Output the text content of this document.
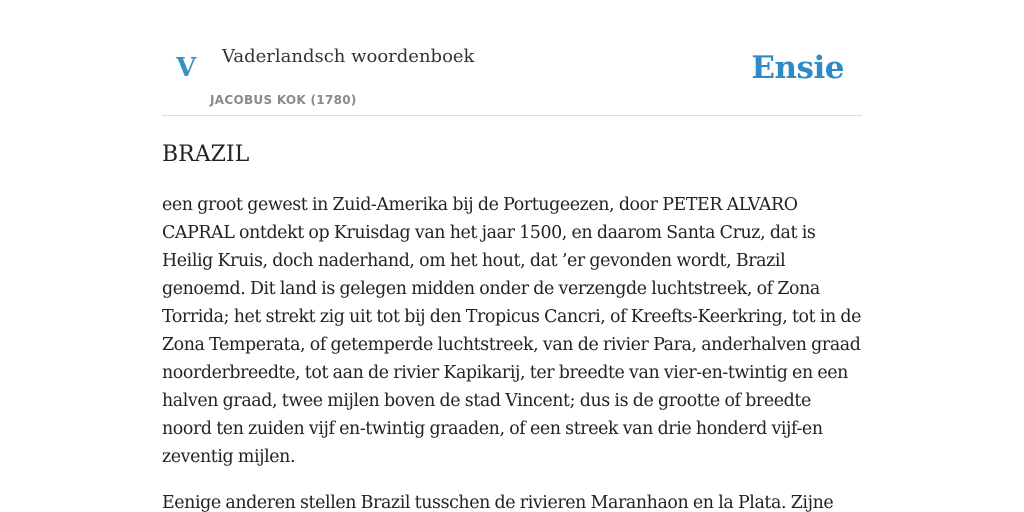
V Vaderlandsch woordenboek
JACOBUS KOK (1780)
Ensie
BRAZIL

een groot gewest in Zuid-Amerika bij de Portugeezen, door PETER ALVARO CAPRAL ontdekt op Kruisdag van het jaar 1500, en daarom Santa Cruz, dat is Heilig Kruis, doch naderhand, om het hout, dat ’er gevonden wordt, Brazil genoemd. Dit land is gelegen midden onder de verzengde luchtstreek, of Zona Torrida; het strekt zig uit tot bij den Tropicus Cancri, of Kreefts-Keerkring, tot in de Zona Temperata, of getemperde luchtstreek, van de rivier Para, anderhalven graad noorderbreedte, tot aan de rivier Kapikarij, ter breedte van vier-en-twintig en een halven graad, twee mijlen boven de stad Vincent; dus is de grootte of breedte noord ten zuiden vijf en-twintig graaden, of een streek van drie honderd vijf-en zeventig mijlen.

Eenige anderen stellen Brazil tusschen de rivieren Maranhaon en la Plata. Zijne
